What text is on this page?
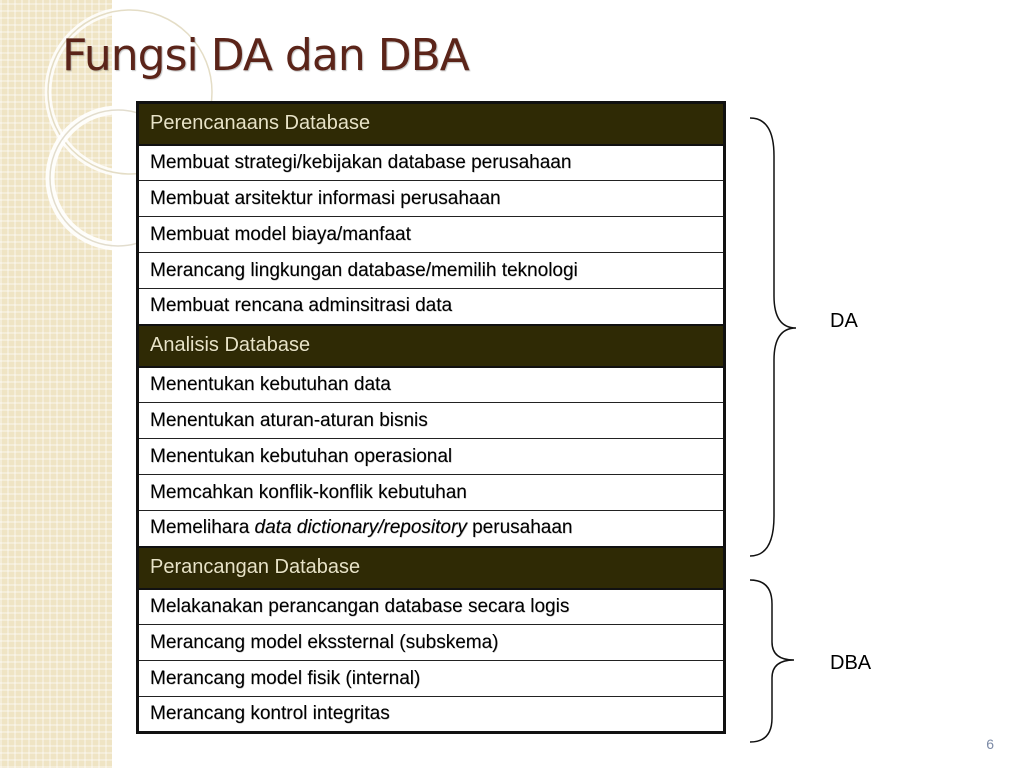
Fungsi DA dan DBA
Perencanaans Database
Membuat strategi/kebijakan database perusahaan
Membuat arsitektur informasi perusahaan
Membuat model biaya/manfaat
Merancang lingkungan database/memilih teknologi
Membuat rencana adminsitrasi data
Analisis Database
Menentukan kebutuhan data
Menentukan aturan-aturan bisnis
Menentukan kebutuhan operasional
Memcahkan konflik-konflik kebutuhan
Memelihara data dictionary/repository perusahaan
Perancangan Database
Melakanakan perancangan database secara logis
Merancang model ekssternal (subskema)
Merancang model fisik (internal)
Merancang kontrol integritas
DA
DBA
6
